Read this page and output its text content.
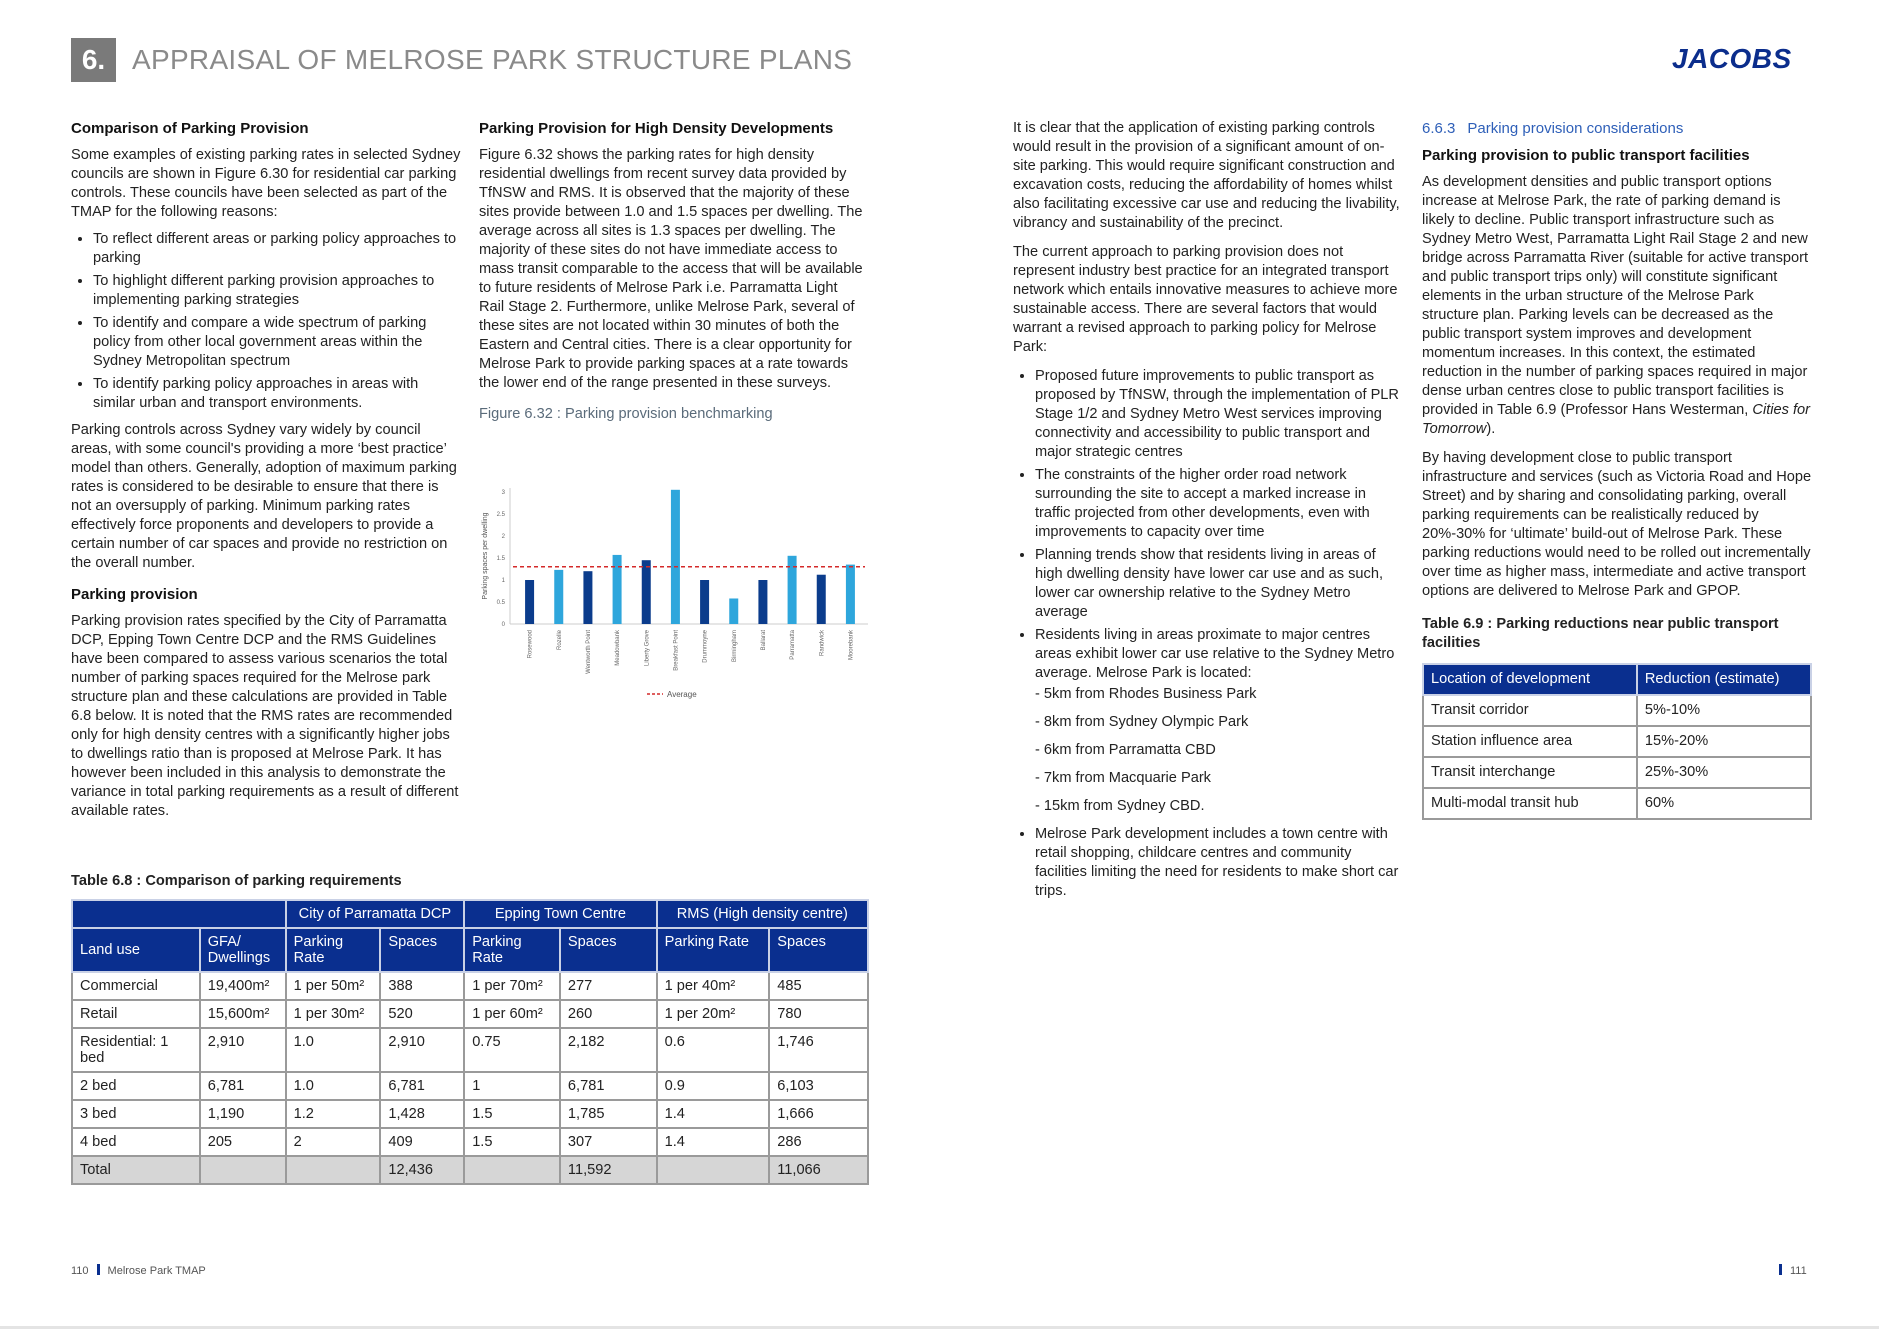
6. APPRAISAL OF MELROSE PARK STRUCTURE PLANS	JACOBS
Comparison of Parking Provision

Some examples of existing parking rates in selected Sydney councils are shown in Figure 6.30 for residential car parking controls. These councils have been selected as part of the TMAP for the following reasons:

• To reflect different areas or parking policy approaches to parking
• To highlight different parking provision approaches to implementing parking strategies
• To identify and compare a wide spectrum of parking policy from other local government areas within the Sydney Metropolitan spectrum
• To identify parking policy approaches in areas with similar urban and transport environments.

Parking controls across Sydney vary widely by council areas, with some council's providing a more ‘best practice’ model than others. Generally, adoption of maximum parking rates is considered to be desirable to ensure that there is not an oversupply of parking. Minimum parking rates effectively force proponents and developers to provide a certain number of car spaces and provide no restriction on the overall number.

Parking provision

Parking provision rates specified by the City of Parramatta DCP, Epping Town Centre DCP and the RMS Guidelines have been compared to assess various scenarios the total number of parking spaces required for the Melrose park structure plan and these calculations are provided in Table 6.8 below. It is noted that the RMS rates are recommended only for high density centres with a significantly higher jobs to dwellings ratio than is proposed at Melrose Park. It has however been included in this analysis to demonstrate the variance in total parking requirements as a result of different available rates.

Parking Provision for High Density Developments

Figure 6.32 shows the parking rates for high density residential dwellings from recent survey data provided by TfNSW and RMS. It is observed that the majority of these sites provide between 1.0 and 1.5 spaces per dwelling. The average across all sites is 1.3 spaces per dwelling. The majority of these sites do not have immediate access to mass transit comparable to the access that will be available to future residents of Melrose Park i.e. Parramatta Light Rail Stage 2. Furthermore, unlike Melrose Park, several of these sites are not located within 30 minutes of both the Eastern and Central cities. There is a clear opportunity for Melrose Park to provide parking spaces at a rate towards the lower end of the range presented in these surveys.

Figure 6.32 : Parking provision benchmarking
Parking spaces per dwelling
0
0.5
1
1.5
2
2.5
3
Rosewood	Rozelle	Wentworth Point	Meadowbank	Liberty Grove	Breakfast Point	Drummoyne	Birmingham	Ballarat	Parramatta	Randwick	Moorebank
Average
Table 6.8 : Comparison of parking requirements
		City of Parramatta DCP		Epping Town Centre		RMS (High density centre)	
Land use	GFA/ Dwellings	Parking Rate	Spaces	Parking Rate	Spaces	Parking Rate	Spaces
Commercial	19,400m²	1 per 50m²	388	1 per 70m²	277	1 per 40m²	485
Retail	15,600m²	1 per 30m²	520	1 per 60m²	260	1 per 20m²	780
Residential: 1 bed	2,910	1.0	2,910	0.75	2,182	0.6	1,746
2 bed	6,781	1.0	6,781	1	6,781	0.9	6,103
3 bed	1,190	1.2	1,428	1.5	1,785	1.4	1,666
4 bed	205	2	409	1.5	307	1.4	286
Total			12,436		11,592		11,066

It is clear that the application of existing parking controls would result in the provision of a significant amount of on-site parking. This would require significant construction and excavation costs, reducing the affordability of homes whilst also facilitating excessive car use and reducing the livability, vibrancy and sustainability of the precinct.

The current approach to parking provision does not represent industry best practice for an integrated transport network which entails innovative measures to achieve more sustainable access. There are several factors that would warrant a revised approach to parking policy for Melrose Park:

• Proposed future improvements to public transport as proposed by TfNSW, through the implementation of PLR Stage 1/2 and Sydney Metro West services improving connectivity and accessibility to public transport and major strategic centres
• The constraints of the higher order road network surrounding the site to accept a marked increase in traffic projected from other developments, even with improvements to capacity over time
• Planning trends show that residents living in areas of high dwelling density have lower car use and as such, lower car ownership relative to the Sydney Metro average
• Residents living in areas proximate to major centres areas exhibit lower car use relative to the Sydney Metro average. Melrose Park is located:
- 5km from Rhodes Business Park
- 8km from Sydney Olympic Park
- 6km from Parramatta CBD
- 7km from Macquarie Park
- 15km from Sydney CBD.
• Melrose Park development includes a town centre with retail shopping, childcare centres and community facilities limiting the need for residents to make short car trips.
6.6.3 Parking provision considerations
Parking provision to public transport facilities

As development densities and public transport options increase at Melrose Park, the rate of parking demand is likely to decline. Public transport infrastructure such as Sydney Metro West, Parramatta Light Rail Stage 2 and new bridge across Parramatta River (suitable for active transport and public transport trips only) will constitute significant elements in the urban structure of the Melrose Park structure plan. Parking levels can be decreased as the public transport system improves and development momentum increases. In this context, the estimated reduction in the number of parking spaces required in major dense urban centres close to public transport facilities is provided in Table 6.9 (Professor Hans Westerman, Cities for Tomorrow).

By having development close to public transport infrastructure and services (such as Victoria Road and Hope Street) and by sharing and consolidating parking, overall parking requirements can be realistically reduced by 20%-30% for ‘ultimate’ build-out of Melrose Park. These parking reductions would need to be rolled out incrementally over time as higher mass, intermediate and active transport options are delivered to Melrose Park and GPOP.

Table 6.9 : Parking reductions near public transport facilities
Location of development	Reduction (estimate)
Transit corridor	5%-10%
Station influence area	15%-20%
Transit interchange	25%-30%
Multi-modal transit hub	60%
110 Melrose Park TMAP	111
